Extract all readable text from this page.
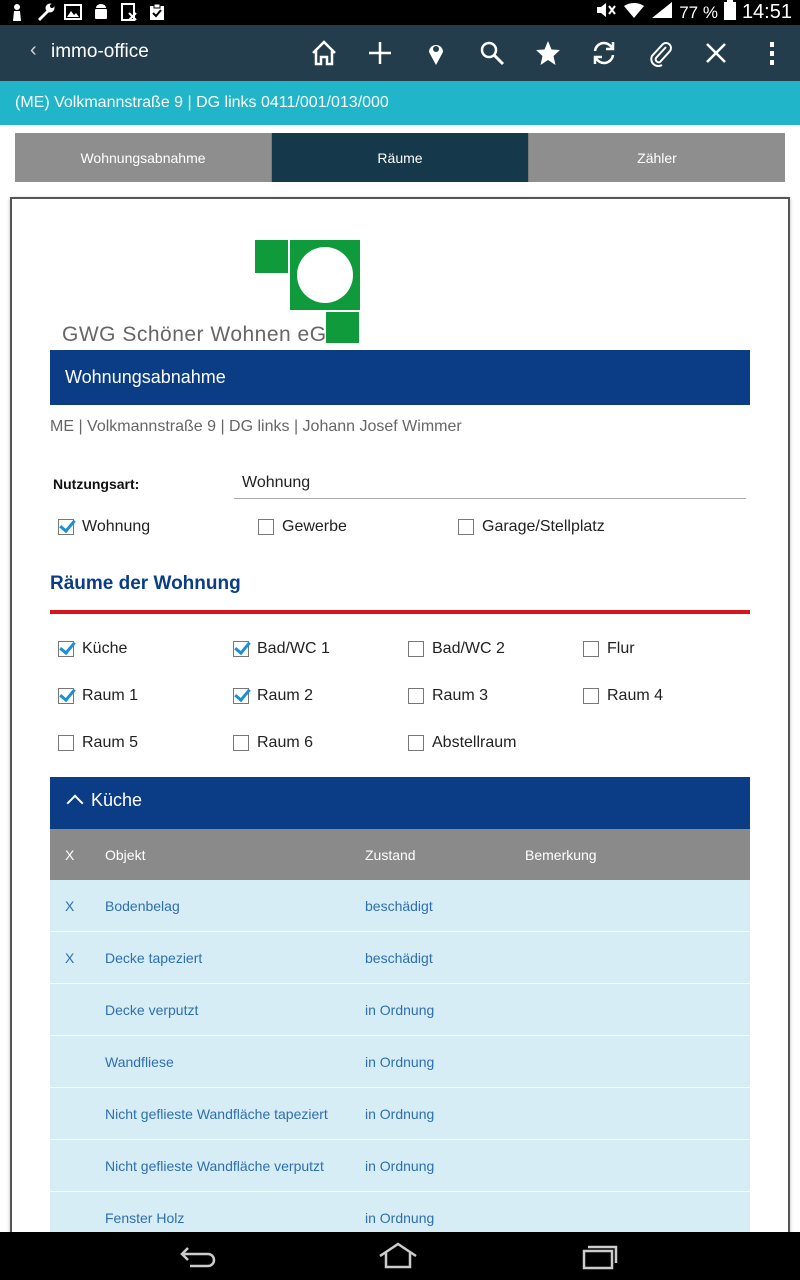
77 % 14:51
‹ immo-office
(ME) Volkmannstraße 9 | DG links 0411/001/013/000
Wohnungsabnahme	Räume	Zähler
GWG Schöner Wohnen eG
Wohnungsabnahme
ME | Volkmannstraße 9 | DG links | Johann Josef Wimmer
Nutzungsart:	Wohnung
Wohnung	Gewerbe	Garage/Stellplatz
Räume der Wohnung
Küche	Bad/WC 1	Bad/WC 2	Flur
Raum 1	Raum 2	Raum 3	Raum 4
Raum 5	Raum 6	Abstellraum
Küche
X Objekt	Zustand	Bemerkung
X Bodenbelag	beschädigt
X Decke tapeziert	beschädigt
Decke verputzt	in Ordnung
Wandfliese	in Ordnung
Nicht geflieste Wandfläche tapeziert	in Ordnung
Nicht geflieste Wandfläche verputzt	in Ordnung
Fenster Holz	in Ordnung
